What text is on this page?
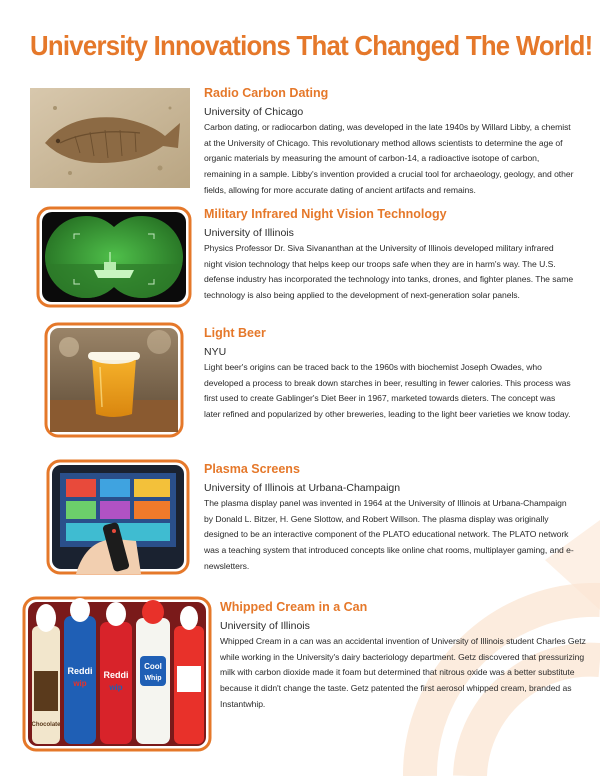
University Innovations That Changed The World!

Radio Carbon Dating

University of Chicago

Carbon dating, or radiocarbon dating, was developed in the late 1940s by Willard Libby, a chemist at the University of Chicago. This revolutionary method allows scientists to determine the age of organic materials by measuring the amount of carbon-14, a radioactive isotope of carbon, remaining in a sample. Libby's invention provided a crucial tool for archaeology, geology, and other fields, allowing for more accurate dating of ancient artifacts and remains.

Military Infrared Night Vision Technology

University of Illinois

Physics Professor Dr. Siva Sivananthan at the University of Illinois developed military infrared night vision technology that helps keep our troops safe when they are in harm's way. The U.S. defense industry has incorporated the technology into tanks, drones, and fighter planes. The same technology is also being applied to the development of next-generation solar panels.

Light Beer

NYU

Light beer's origins can be traced back to the 1960s with biochemist Joseph Owades, who developed a process to break down starches in beer, resulting in fewer calories. This process was first used to create Gablinger's Diet Beer in 1967, marketed towards dieters. The concept was later refined and popularized by other breweries, leading to the light beer varieties we know today.

Plasma Screens

University of Illinois at Urbana-Champaign

The plasma display panel was invented in 1964 at the University of Illinois at Urbana-Champaign by Donald L. Bitzer, H. Gene Slottow, and Robert Willson. The plasma display was originally designed to be an interactive component of the PLATO educational network. The PLATO network was a teaching system that introduced concepts like online chat rooms, multiplayer gaming, and e-newsletters.

Chocolate
Reddi
wip
Reddi
wip
Cool
Whip

Whipped Cream in a Can

University of Illinois

Whipped Cream in a can was an accidental invention of University of Illinois student Charles Getz while working in the University's dairy bacteriology department. Getz discovered that pressurizing milk with carbon dioxide made it foam but determined that nitrous oxide was a better substitute because it didn't change the taste. Getz patented the first aerosol whipped cream, branded as Instantwhip.
